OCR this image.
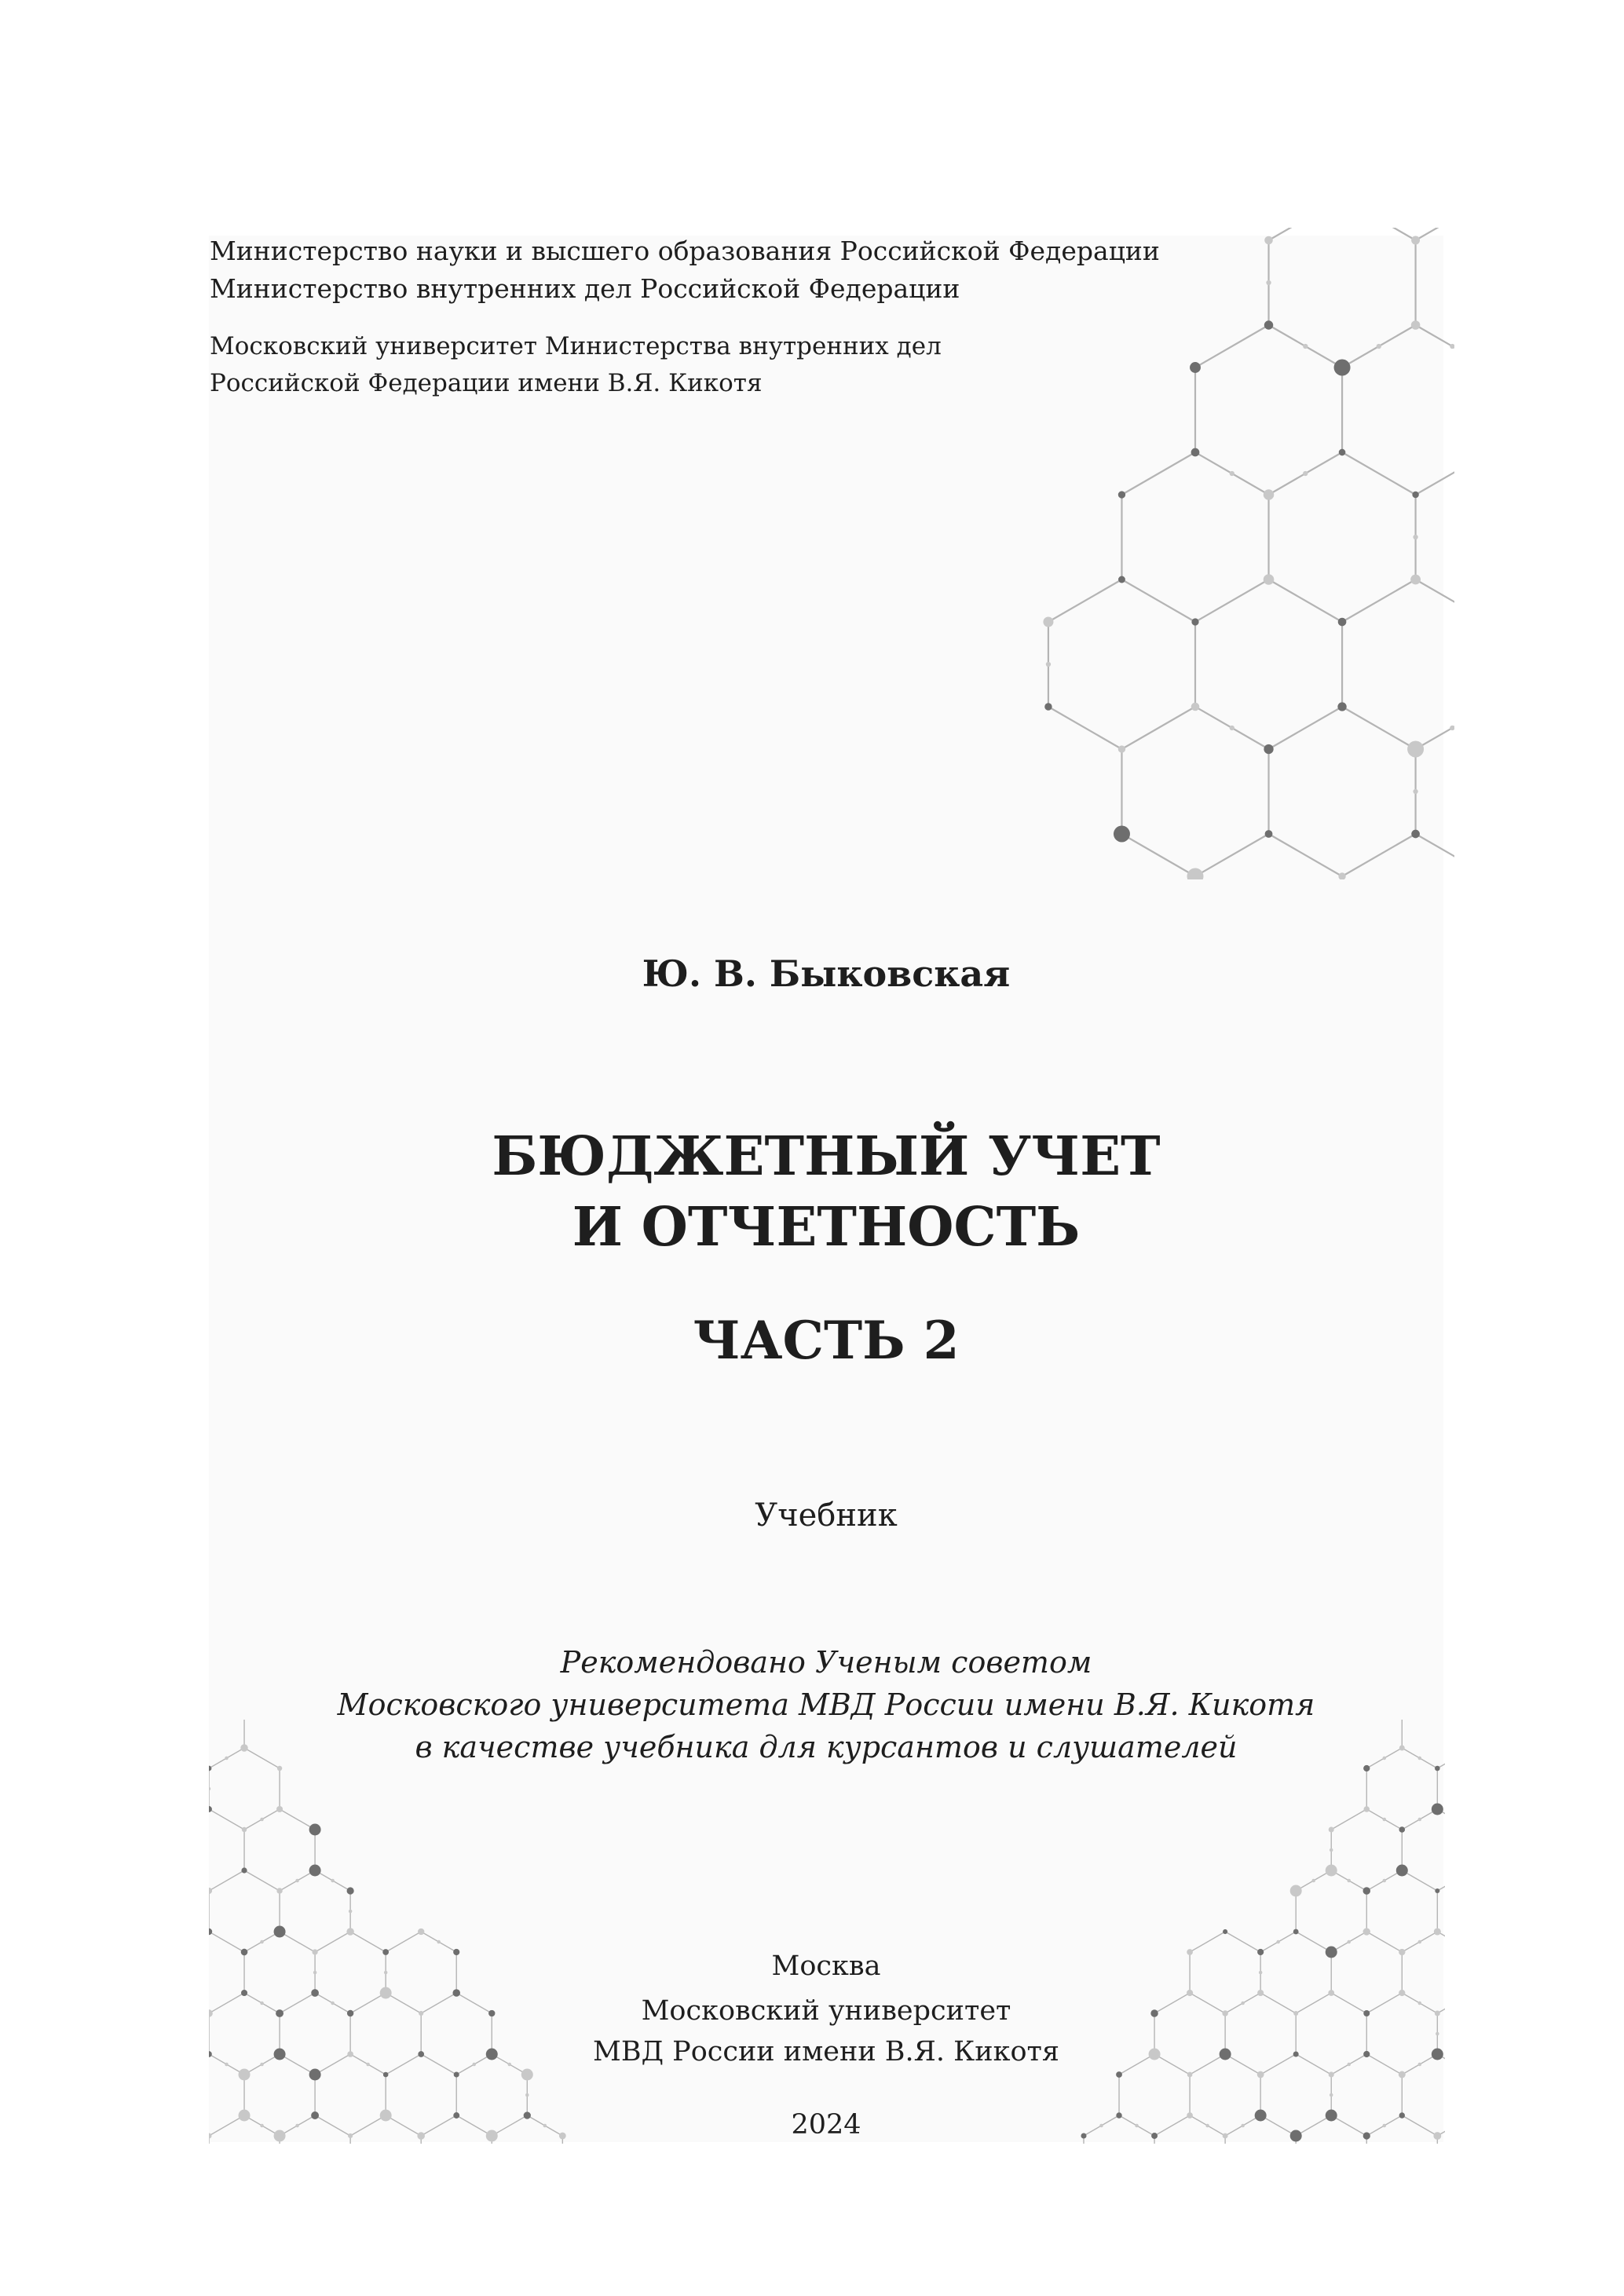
Министерство науки и высшего образования Российской Федерации
Министерство внутренних дел Российской Федерации
Московский университет Министерства внутренних дел
Российской Федерации имени В.Я. Кикотя
Ю. В. Быковская
БЮДЖЕТНЫЙ УЧЕТ
И ОТЧЕТНОСТЬ
ЧАСТЬ 2
Учебник
Рекомендовано Ученым советом
Московского университета МВД России имени В.Я. Кикотя
в качестве учебника для курсантов и слушателей
Москва
Московский университет
МВД России имени В.Я. Кикотя
2024
